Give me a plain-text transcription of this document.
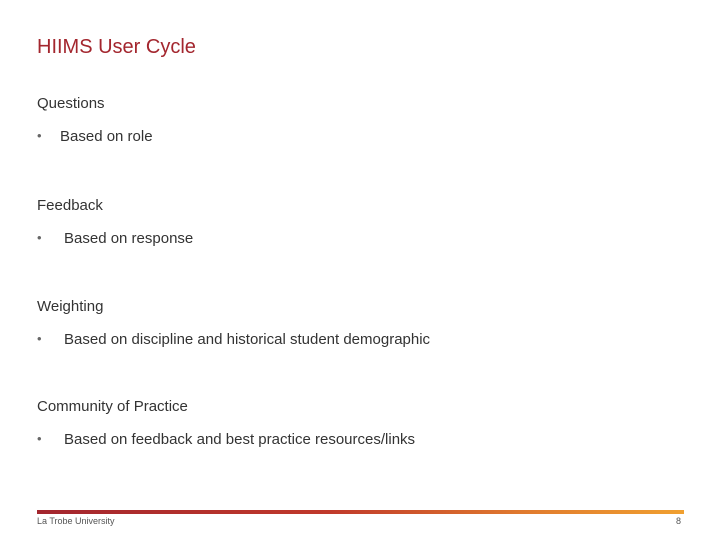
HIIMS User Cycle
Questions
• Based on role
Feedback
• Based on response
Weighting
• Based on discipline and historical student demographic
Community of Practice
• Based on feedback and best practice resources/links
La Trobe University	8
